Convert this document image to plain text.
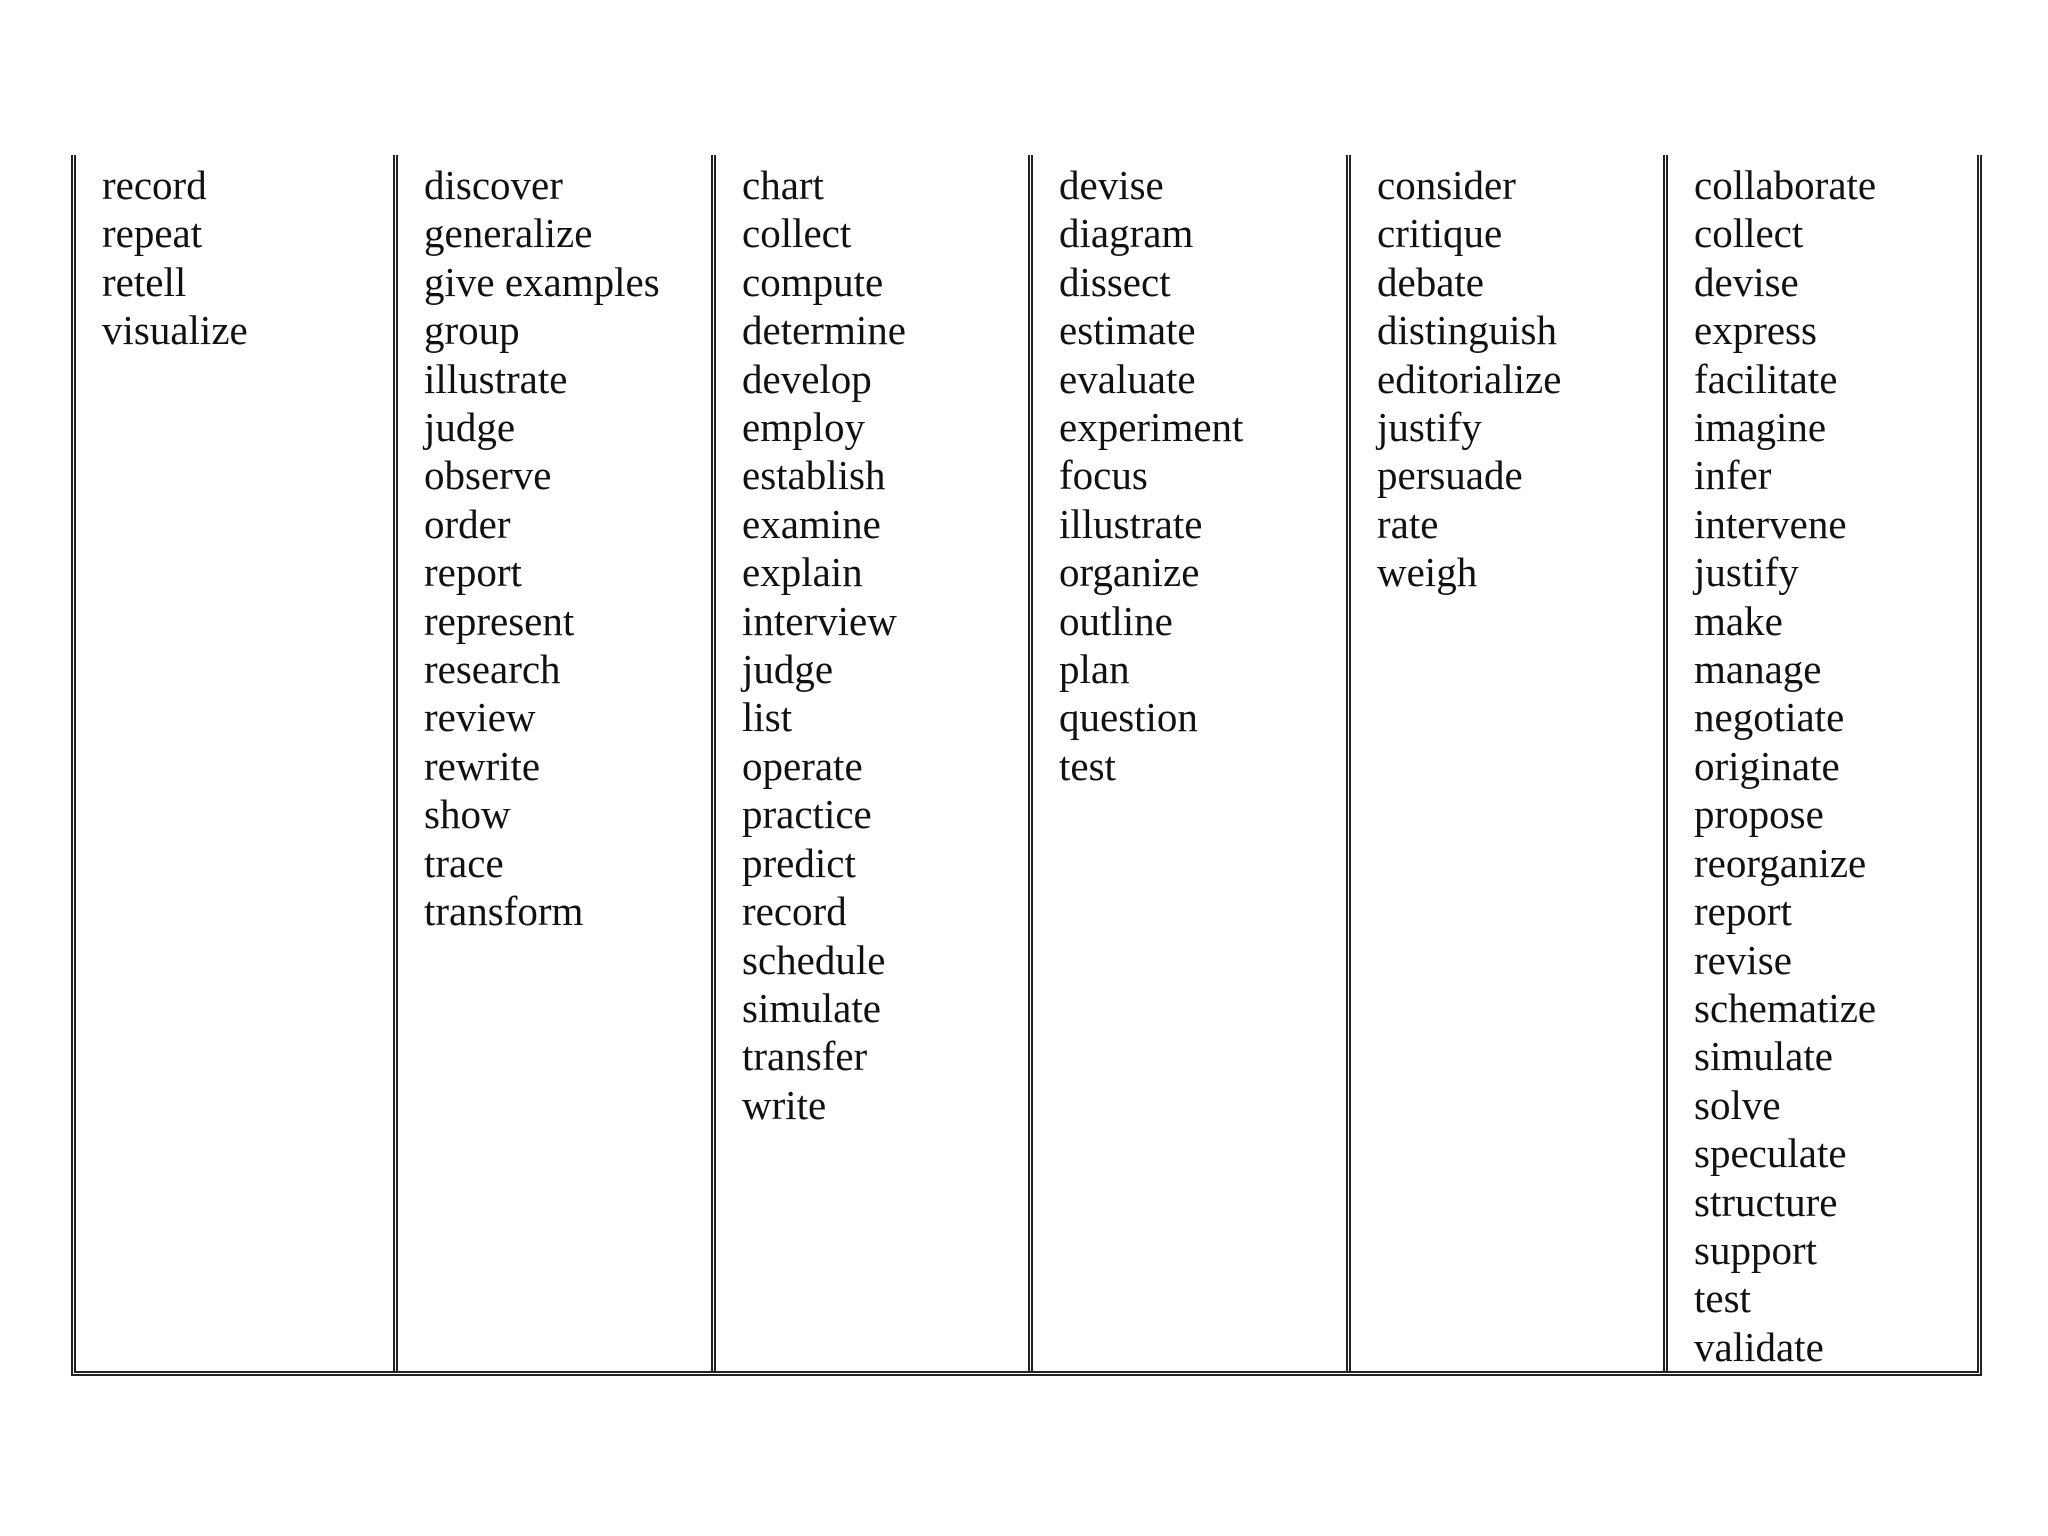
record
repeat
retell
visualize
discover
generalize
give examples
group
illustrate
judge
observe
order
report
represent
research
review
rewrite
show
trace
transform
chart
collect
compute
determine
develop
employ
establish
examine
explain
interview
judge
list
operate
practice
predict
record
schedule
simulate
transfer
write
devise
diagram
dissect
estimate
evaluate
experiment
focus
illustrate
organize
outline
plan
question
test
consider
critique
debate
distinguish
editorialize
justify
persuade
rate
weigh
collaborate
collect
devise
express
facilitate
imagine
infer
intervene
justify
make
manage
negotiate
originate
propose
reorganize
report
revise
schematize
simulate
solve
speculate
structure
support
test
validate
